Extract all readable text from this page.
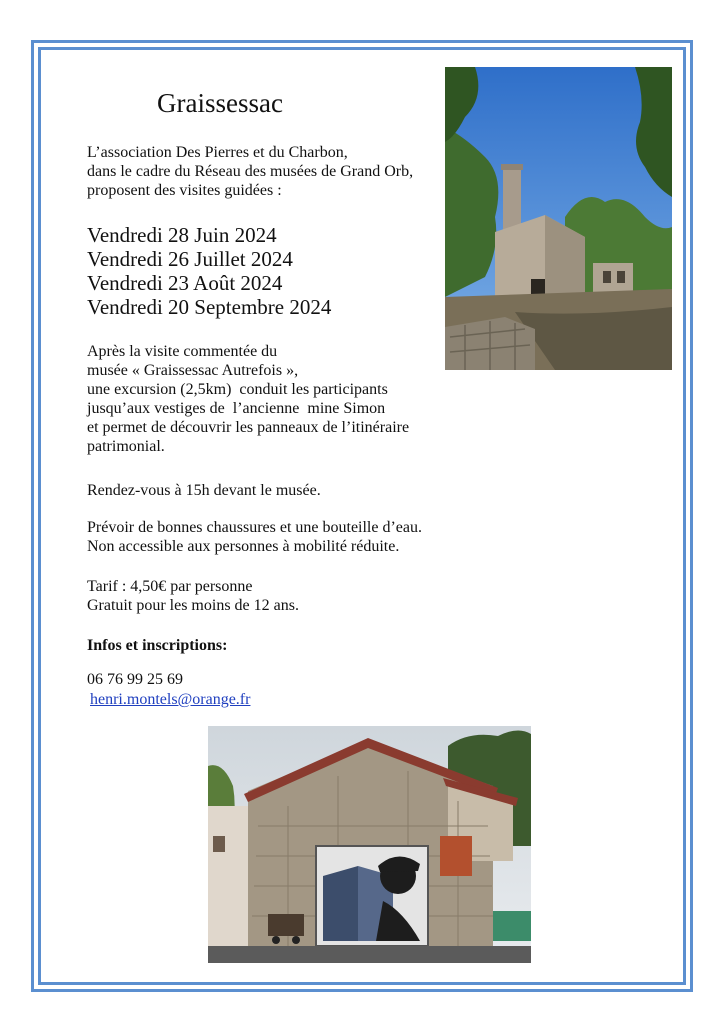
Graissessac
L’association Des Pierres et du Charbon,
dans le cadre du Réseau des musées de Grand Orb,
proposent des visites guidées :
Vendredi 28 Juin 2024
Vendredi 26 Juillet 2024
Vendredi 23 Août 2024
Vendredi 20 Septembre 2024
Après la visite commentée du
musée « Graissessac Autrefois »,
une excursion (2,5km)  conduit les participants
jusqu’aux vestiges de  l’ancienne  mine Simon
et permet de découvrir les panneaux de l’itinéraire
patrimonial.
Rendez-vous à 15h devant le musée.
Prévoir de bonnes chaussures et une bouteille d’eau.
Non accessible aux personnes à mobilité réduite.
Tarif : 4,50€ par personne
Gratuit pour les moins de 12 ans.
Infos et inscriptions:
06 76 99 25 69
henri.montels@orange.fr
